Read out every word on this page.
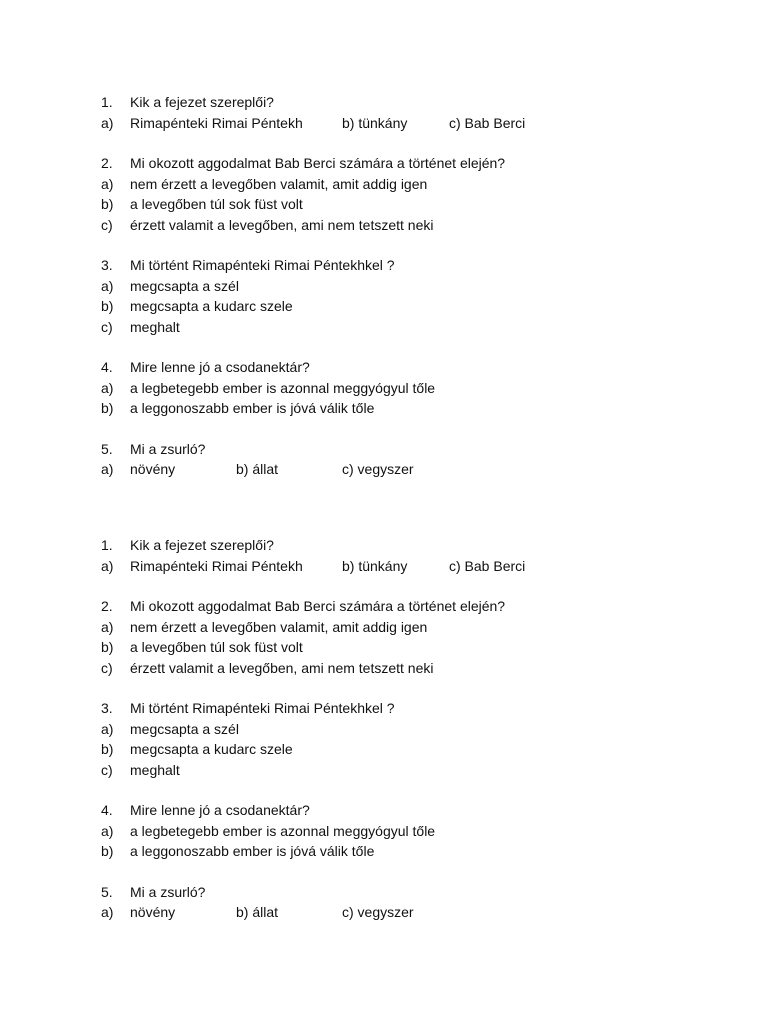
1. Kik a fejezet szereplői?
a) Rimapénteki Rimai Péntekh	b) tünkány	c) Bab Berci
2. Mi okozott aggodalmat Bab Berci számára a történet elején?
a) nem érzett a levegőben valamit, amit addig igen
b) a levegőben túl sok füst volt
c) érzett valamit a levegőben, ami nem tetszett neki
3. Mi történt Rimapénteki Rimai Péntekhkel ?
a) megcsapta a szél
b) megcsapta a kudarc szele
c) meghalt
4. Mire lenne jó a csodanektár?
a) a legbetegebb ember is azonnal meggyógyul tőle
b) a leggonoszabb ember is jóvá válik tőle
5. Mi a zsurló?
a) növény	b) állat	c) vegyszer
1. Kik a fejezet szereplői?
a) Rimapénteki Rimai Péntekh	b) tünkány	c) Bab Berci
2. Mi okozott aggodalmat Bab Berci számára a történet elején?
a) nem érzett a levegőben valamit, amit addig igen
b) a levegőben túl sok füst volt
c) érzett valamit a levegőben, ami nem tetszett neki
3. Mi történt Rimapénteki Rimai Péntekhkel ?
a) megcsapta a szél
b) megcsapta a kudarc szele
c) meghalt
4. Mire lenne jó a csodanektár?
a) a legbetegebb ember is azonnal meggyógyul tőle
b) a leggonoszabb ember is jóvá válik tőle
5. Mi a zsurló?
a) növény	b) állat	c) vegyszer
